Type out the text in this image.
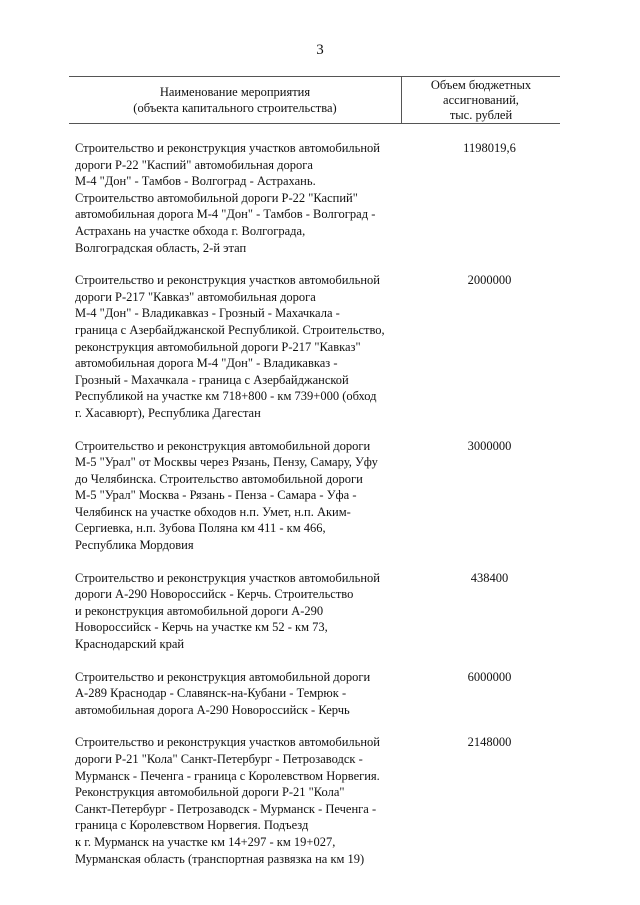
3
Наименование мероприятия
(объекта капитального строительства)
Объем бюджетных
ассигнований,
тыс. рублей
Строительство и реконструкция участков автомобильной
дороги Р-22 "Каспий" автомобильная дорога
М-4 "Дон" - Тамбов - Волгоград - Астрахань.
Строительство автомобильной дороги Р-22 "Каспий"
автомобильная дорога М-4 "Дон" - Тамбов - Волгоград -
Астрахань на участке обхода г. Волгограда,
Волгоградская область, 2-й этап
1198019,6
Строительство и реконструкция участков автомобильной
дороги Р-217 "Кавказ" автомобильная дорога
М-4 "Дон" - Владикавказ - Грозный - Махачкала -
граница с Азербайджанской Республикой. Строительство,
реконструкция автомобильной дороги Р-217 "Кавказ"
автомобильная дорога М-4 "Дон" - Владикавказ -
Грозный - Махачкала - граница с Азербайджанской
Республикой на участке км 718+800 - км 739+000 (обход
г. Хасавюрт), Республика Дагестан
2000000
Строительство и реконструкция автомобильной дороги
М-5 "Урал" от Москвы через Рязань, Пензу, Самару, Уфу
до Челябинска. Строительство автомобильной дороги
М-5 "Урал" Москва - Рязань - Пенза - Самара - Уфа -
Челябинск на участке обходов н.п. Умет, н.п. Аким-
Сергиевка, н.п. Зубова Поляна км 411 - км 466,
Республика Мордовия
3000000
Строительство и реконструкция участков автомобильной
дороги А-290 Новороссийск - Керчь. Строительство
и реконструкция автомобильной дороги А-290
Новороссийск - Керчь на участке км 52 - км 73,
Краснодарский край
438400
Строительство и реконструкция автомобильной дороги
А-289 Краснодар - Славянск-на-Кубани - Темрюк -
автомобильная дорога А-290 Новороссийск - Керчь
6000000
Строительство и реконструкция участков автомобильной
дороги Р-21 "Кола" Санкт-Петербург - Петрозаводск -
Мурманск - Печенга - граница с Королевством Норвегия.
Реконструкция автомобильной дороги Р-21 "Кола"
Санкт-Петербург - Петрозаводск - Мурманск - Печенга -
граница с Королевством Норвегия. Подъезд
к г. Мурманск на участке км 14+297 - км 19+027,
Мурманская область (транспортная развязка на км 19)
2148000
